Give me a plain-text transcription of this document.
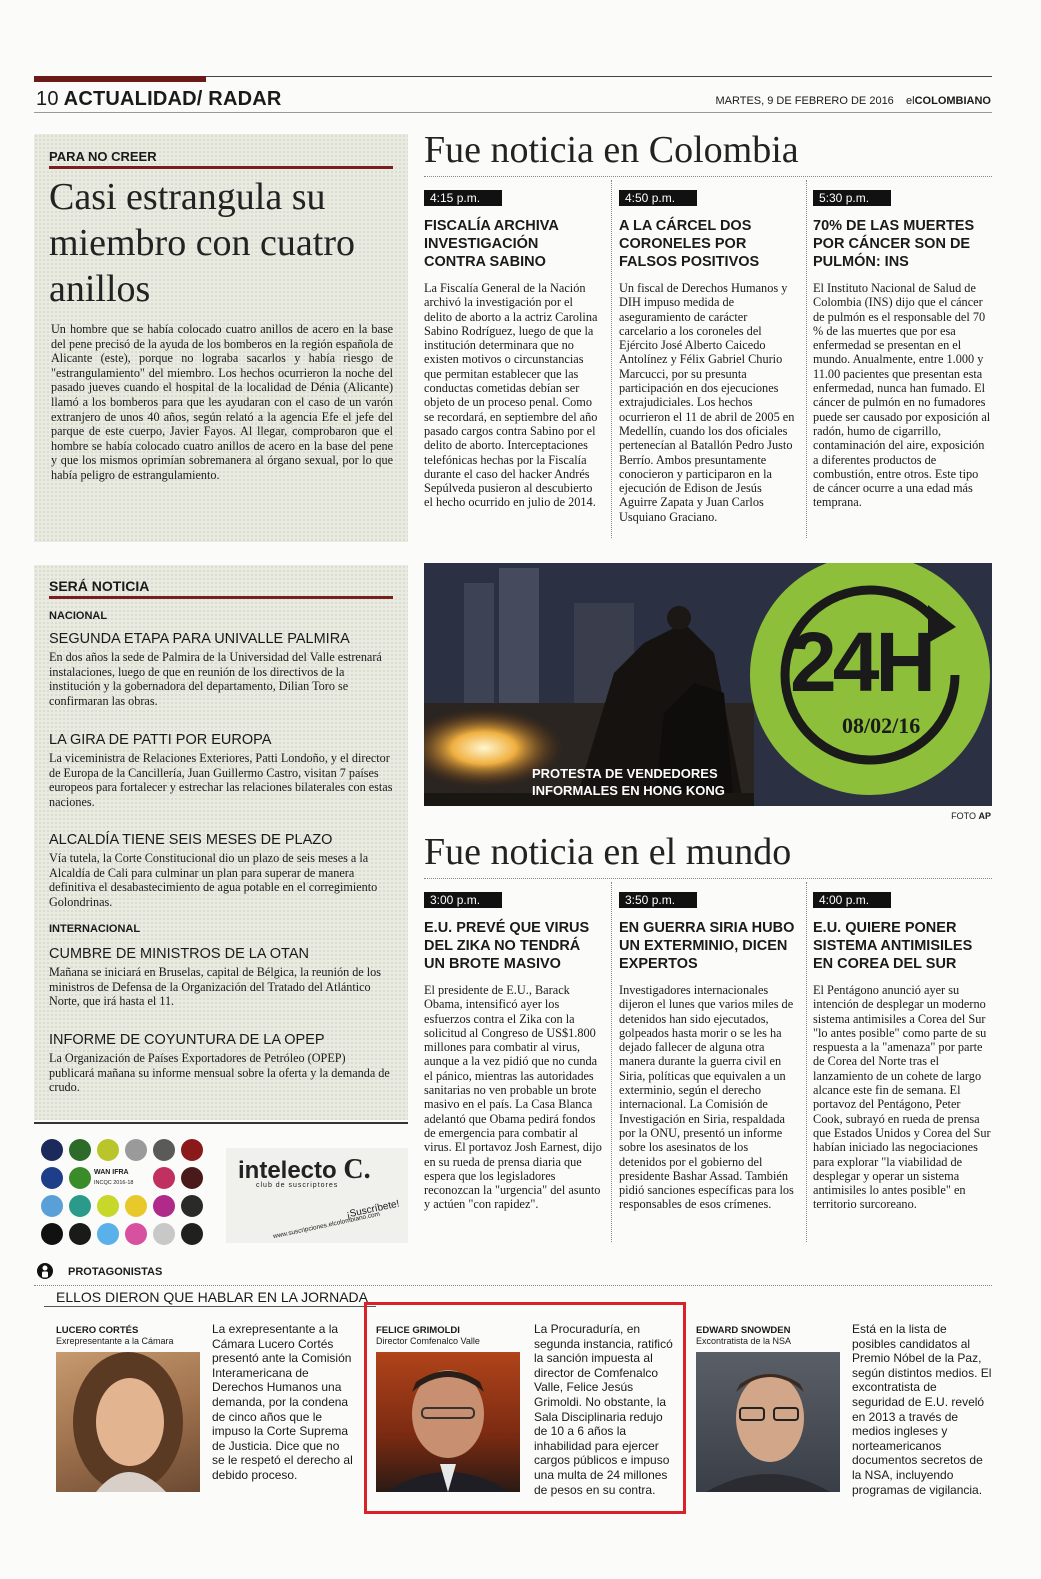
10 ACTUALIDAD/ RADAR	MARTES, 9 DE FEBRERO DE 2016 elCOLOMBIANO
PARA NO CREER
Casi estrangula su miembro con cuatro anillos
Un hombre que se había colocado cuatro anillos de acero en la base del pene precisó de la ayuda de los bomberos en la región española de Alicante (este), porque no lograba sacarlos y había riesgo de "estrangulamiento" del miembro. Los hechos ocurrieron la noche del pasado jueves cuando el hospital de la localidad de Dénia (Alicante) llamó a los bomberos para que les ayudaran con el caso de un varón extranjero de unos 40 años, según relató a la agencia Efe el jefe del parque de este cuerpo, Javier Fayos. Al llegar, comprobaron que el hombre se había colocado cuatro anillos de acero en la base del pene y que los mismos oprimían sobremanera al órgano sexual, por lo que había peligro de estrangulamiento.
Fue noticia en Colombia
4:15 p.m.
FISCALÍA ARCHIVA INVESTIGACIÓN CONTRA SABINO
La Fiscalía General de la Nación archivó la investigación por el delito de aborto a la actriz Carolina Sabino Rodríguez, luego de que la institución determinara que no existen motivos o circunstancias que permitan establecer que las conductas cometidas debían ser objeto de un proceso penal. Como se recordará, en septiembre del año pasado cargos contra Sabino por el delito de aborto. Interceptaciones telefónicas hechas por la Fiscalía durante el caso del hacker Andrés Sepúlveda pusieron al descubierto el hecho ocurrido en julio de 2014.
4:50 p.m.
A LA CÁRCEL DOS CORONELES POR FALSOS POSITIVOS
Un fiscal de Derechos Humanos y DIH impuso medida de aseguramiento de carácter carcelario a los coroneles del Ejército José Alberto Caicedo Antolínez y Félix Gabriel Churio Marcucci, por su presunta participación en dos ejecuciones extrajudiciales. Los hechos ocurrieron el 11 de abril de 2005 en Medellín, cuando los dos oficiales pertenecían al Batallón Pedro Justo Berrío. Ambos presuntamente conocieron y participaron en la ejecución de Edison de Jesús Aguirre Zapata y Juan Carlos Usquiano Graciano.
5:30 p.m.
70% DE LAS MUERTES POR CÁNCER SON DE PULMÓN: INS
El Instituto Nacional de Salud de Colombia (INS) dijo que el cáncer de pulmón es el responsable del 70 % de las muertes que por esa enfermedad se presentan en el mundo. Anualmente, entre 1.000 y 11.00 pacientes que presentan esta enfermedad, nunca han fumado. El cáncer de pulmón en no fumadores puede ser causado por exposición al radón, humo de cigarrillo, contaminación del aire, exposición a diferentes productos de combustión, entre otros. Este tipo de cáncer ocurre a una edad más temprana.
SERÁ NOTICIA
NACIONAL
SEGUNDA ETAPA PARA UNIVALLE PALMIRA
En dos años la sede de Palmira de la Universidad del Valle estrenará instalaciones, luego de que en reunión de los directivos de la institución y la gobernadora del departamento, Dilian Toro se confirmaran las obras.
LA GIRA DE PATTI POR EUROPA
La viceministra de Relaciones Exteriores, Patti Londoño, y el director de Europa de la Cancillería, Juan Guillermo Castro, visitan 7 países europeos para fortalecer y estrechar las relaciones bilaterales con estas naciones.
ALCALDÍA TIENE SEIS MESES DE PLAZO
Vía tutela, la Corte Constitucional dio un plazo de seis meses a la Alcaldía de Cali para culminar un plan para superar de manera definitiva el desabastecimiento de agua potable en el corregimiento Golondrinas.
INTERNACIONAL
CUMBRE DE MINISTROS DE LA OTAN
Mañana se iniciará en Bruselas, capital de Bélgica, la reunión de los ministros de Defensa de la Organización del Tratado del Atlántico Norte, que irá hasta el 11.
INFORME DE COYUNTURA DE LA OPEP
La Organización de Países Exportadores de Petróleo (OPEP) publicará mañana su informe mensual sobre la oferta y la demanda de crudo.
24H
08/02/16
PROTESTA DE VENDEDORES
INFORMALES EN HONG KONG
FOTO AP
Fue noticia en el mundo
3:00 p.m.
E.U. PREVÉ QUE VIRUS DEL ZIKA NO TENDRÁ UN BROTE MASIVO
El presidente de E.U., Barack Obama, intensificó ayer los esfuerzos contra el Zika con la solicitud al Congreso de US$1.800 millones para combatir al virus, aunque a la vez pidió que no cunda el pánico, mientras las autoridades sanitarias no ven probable un brote masivo en el país. La Casa Blanca adelantó que Obama pedirá fondos de emergencia para combatir al virus. El portavoz Josh Earnest, dijo en su rueda de prensa diaria que espera que los legisladores reconozcan la "urgencia" del asunto y actúen "con rapidez".
3:50 p.m.
EN GUERRA SIRIA HUBO UN EXTERMINIO, DICEN EXPERTOS
Investigadores internacionales dijeron el lunes que varios miles de detenidos han sido ejecutados, golpeados hasta morir o se les ha dejado fallecer de alguna otra manera durante la guerra civil en Siria, políticas que equivalen a un exterminio, según el derecho internacional. La Comisión de Investigación en Siria, respaldada por la ONU, presentó un informe sobre los asesinatos de los detenidos por el gobierno del presidente Bashar Assad. También pidió sanciones específicas para los responsables de esos crímenes.
4:00 p.m.
E.U. QUIERE PONER SISTEMA ANTIMISILES EN COREA DEL SUR
El Pentágono anunció ayer su intención de desplegar un moderno sistema antimisiles a Corea del Sur "lo antes posible" como parte de su respuesta a la "amenaza" por parte de Corea del Norte tras el lanzamiento de un cohete de largo alcance este fin de semana. El portavoz del Pentágono, Peter Cook, subrayó en rueda de prensa que Estados Unidos y Corea del Sur habían iniciado las negociaciones para explorar "la viabilidad de desplegar y operar un sistema antimisiles lo antes posible" en territorio surcoreano.
WAN IFRA
INCQC 2016-18	intelecto C.
club de suscriptores
¡Suscríbete!
www.suscripciones.elcolombiano.com
PROTAGONISTAS
ELLOS DIERON QUE HABLAR EN LA JORNADA
LUCERO CORTÉS
Exrepresentante a la Cámara
La exrepresentante a la Cámara Lucero Cortés presentó ante la Comisión Interamericana de Derechos Humanos una demanda, por la condena de cinco años que le impuso la Corte Suprema de Justicia. Dice que no se le respetó el derecho al debido proceso.
FELICE GRIMOLDI
Director Comfenalco Valle
La Procuraduría, en segunda instancia, ratificó la sanción impuesta al director de Comfenalco Valle, Felice Jesús Grimoldi. No obstante, la Sala Disciplinaria redujo de 10 a 6 años la inhabilidad para ejercer cargos públicos e impuso una multa de 24 millones de pesos en su contra.
EDWARD SNOWDEN
Excontratista de la NSA
Está en la lista de posibles candidatos al Premio Nóbel de la Paz, según distintos medios. El excontratista de seguridad de E.U. reveló en 2013 a través de medios ingleses y norteamericanos documentos secretos de la NSA, incluyendo programas de vigilancia.
